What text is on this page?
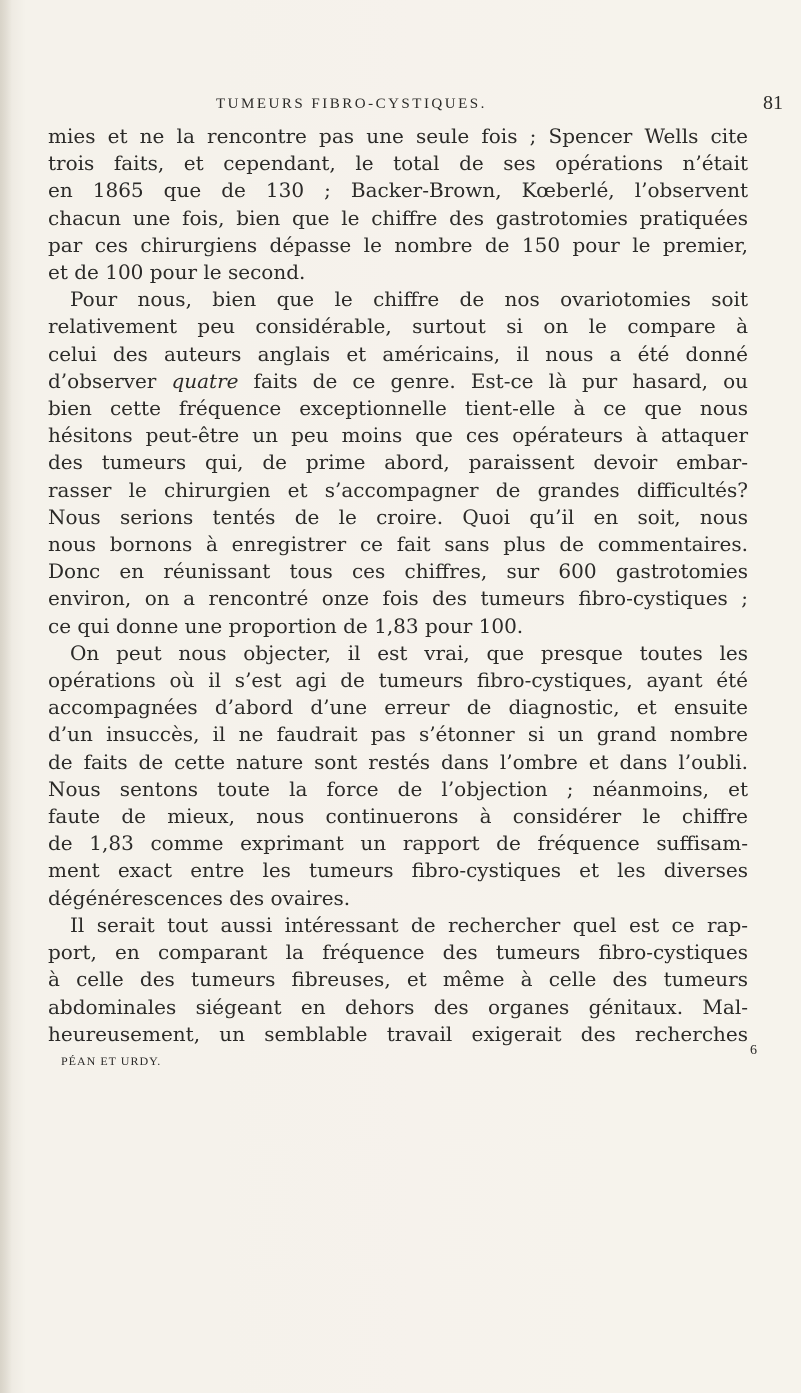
TUMEURS FIBRO-CYSTIQUES.	81
mies et ne la rencontre pas une seule fois ; Spencer Wells cite
trois faits, et cependant, le total de ses opérations n’était
en 1865 que de 130 ; Backer-Brown, Kœberlé, l’observent
chacun une fois, bien que le chiffre des gastrotomies pratiquées
par ces chirurgiens dépasse le nombre de 150 pour le premier,
et de 100 pour le second.
Pour nous, bien que le chiffre de nos ovariotomies soit
relativement peu considérable, surtout si on le compare à
celui des auteurs anglais et américains, il nous a été donné
d’observer quatre faits de ce genre. Est-ce là pur hasard, ou
bien cette fréquence exceptionnelle tient-elle à ce que nous
hésitons peut-être un peu moins que ces opérateurs à attaquer
des tumeurs qui, de prime abord, paraissent devoir embar-
rasser le chirurgien et s’accompagner de grandes difficultés?
Nous serions tentés de le croire. Quoi qu’il en soit, nous
nous bornons à enregistrer ce fait sans plus de commentaires.
Donc en réunissant tous ces chiffres, sur 600 gastrotomies
environ, on a rencontré onze fois des tumeurs fibro-cystiques ;
ce qui donne une proportion de 1,83 pour 100.
On peut nous objecter, il est vrai, que presque toutes les
opérations où il s’est agi de tumeurs fibro-cystiques, ayant été
accompagnées d’abord d’une erreur de diagnostic, et ensuite
d’un insuccès, il ne faudrait pas s’étonner si un grand nombre
de faits de cette nature sont restés dans l’ombre et dans l’oubli.
Nous sentons toute la force de l’objection ; néanmoins, et
faute de mieux, nous continuerons à considérer le chiffre
de 1,83 comme exprimant un rapport de fréquence suffisam-
ment exact entre les tumeurs fibro-cystiques et les diverses
dégénérescences des ovaires.
Il serait tout aussi intéressant de rechercher quel est ce rap-
port, en comparant la fréquence des tumeurs fibro-cystiques
à celle des tumeurs fibreuses, et même à celle des tumeurs
abdominales siégeant en dehors des organes génitaux. Mal-
heureusement, un semblable travail exigerait des recherches
PÉAN ET URDY.
6
